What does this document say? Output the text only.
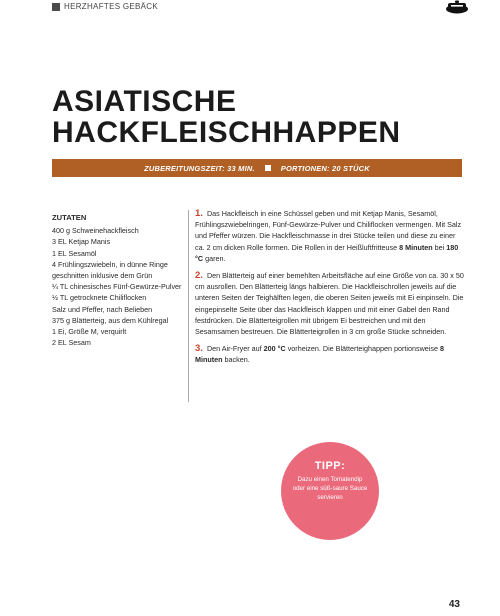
HERZHAFTES GEBÄCK
ASIATISCHE
HACKFLEISCHHAPPEN
ZUBEREITUNGSZEIT: 33 MIN.	PORTIONEN: 20 STÜCK
ZUTATEN
400 g Schweinehackfleisch
3 EL Ketjap Manis
1 EL Sesamöl
4 Frühlingszwiebeln, in dünne Ringe geschnitten inklusive dem Grün
¼ TL chinesisches Fünf-Gewürze-Pulver
½ TL getrocknete Chiliflocken
Salz und Pfeffer, nach Belieben
375 g Blätterteig, aus dem Kühlregal
1 Ei, Größe M, verquirlt
2 EL Sesam
1. Das Hackfleisch in eine Schüssel geben und mit Ketjap Manis, Sesamöl, Frühlingszwiebelringen, Fünf-Gewürze-Pulver und Chiliflocken vermengen. Mit Salz und Pfeffer würzen. Die Hackfleischmasse in drei Stücke teilen und diese zu einer ca. 2 cm dicken Rolle formen. Die Rollen in der Heißluftfritteuse 8 Minuten bei 180 °C garen.
2. Den Blätterteig auf einer bemehlten Arbeitsfläche auf eine Größe von ca. 30 x 50 cm ausrollen. Den Blätterteig längs halbieren. Die Hackfleischrollen jeweils auf die unteren Seiten der Teighälften legen, die oberen Seiten jeweils mit Ei einpinseln. Die eingepinselte Seite über das Hackfleisch klappen und mit einer Gabel den Rand festdrücken. Die Blätterteigrollen mit übrigem Ei bestreichen und mit den Sesamsamen bestreuen. Die Blätterteigrollen in 3 cm große Stücke schneiden.
3. Den Air-Fryer auf 200 °C vorheizen. Die Blätterteighappen portionsweise 8 Minuten backen.
TIPP:
Dazu einen Tomatendip oder eine süß-saure Sauce servieren
43
